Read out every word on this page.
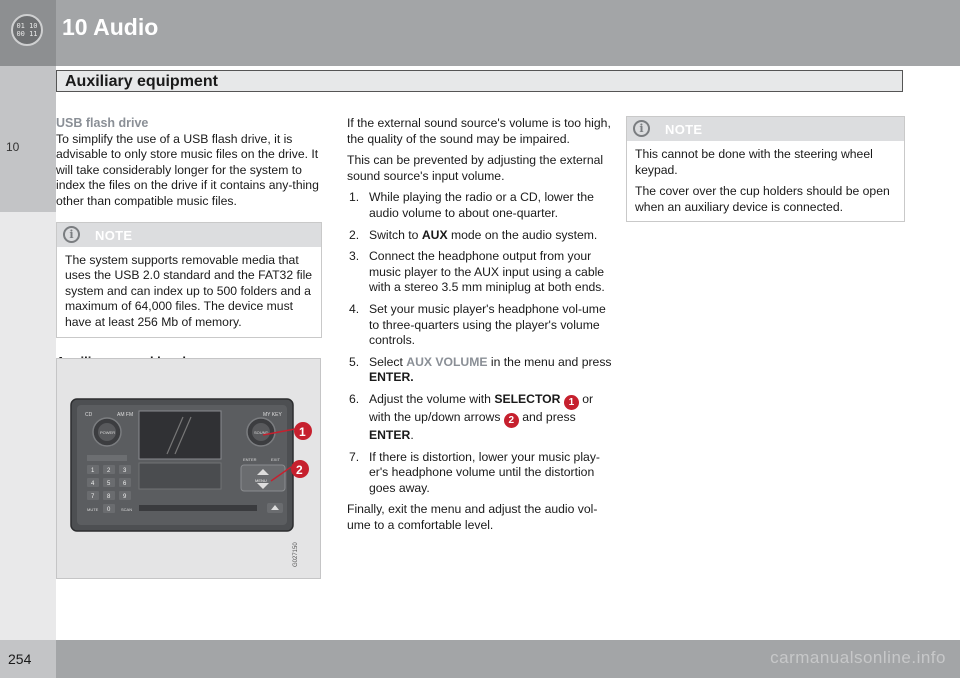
01 10 00 11 10 Audio
Auxiliary equipment
10
USB flash drive

To simplify the use of a USB flash drive, it is advisable to only store music files on the drive. It will take considerably longer for the system to index the files on the drive if it contains any-thing other than compatible music files.

i	NOTE
The system supports removable media that uses the USB 2.0 standard and the FAT32 file system and can index up to 500 folders and a maximum of 64,000 files. The device must have at least 256 Mb of memory.
CD	AM FM	MY KEY
POWER	SOUND
ENTER	EXIT
1 2 3
4 5 6
7 8 9
0
MUTE	SCAN
MENU
1
2
G027150

If the external sound source's volume is too high, the quality of the sound may be impaired.

This can be prevented by adjusting the external sound source's input volume.

1. While playing the radio or a CD, lower the audio volume to about one-quarter.
2. Switch to AUX mode on the audio system.
3. Connect the headphone output from your music player to the AUX input using a cable with a stereo 3.5 mm miniplug at both ends.
4. Set your music player's headphone vol-ume to three-quarters using the player's volume controls.
5. Select AUX VOLUME in the menu and press ENTER.
6. Adjust the volume with SELECTOR 1 or with the up/down arrows 2 and press ENTER.
7. If there is distortion, lower your music play-er's headphone volume until the distortion goes away.

Finally, exit the menu and adjust the audio vol-ume to a comfortable level.

i	NOTE

This cannot be done with the steering wheel keypad.

The cover over the cup holders should be open when an auxiliary device is connected.

254	carmanualsonline.info
